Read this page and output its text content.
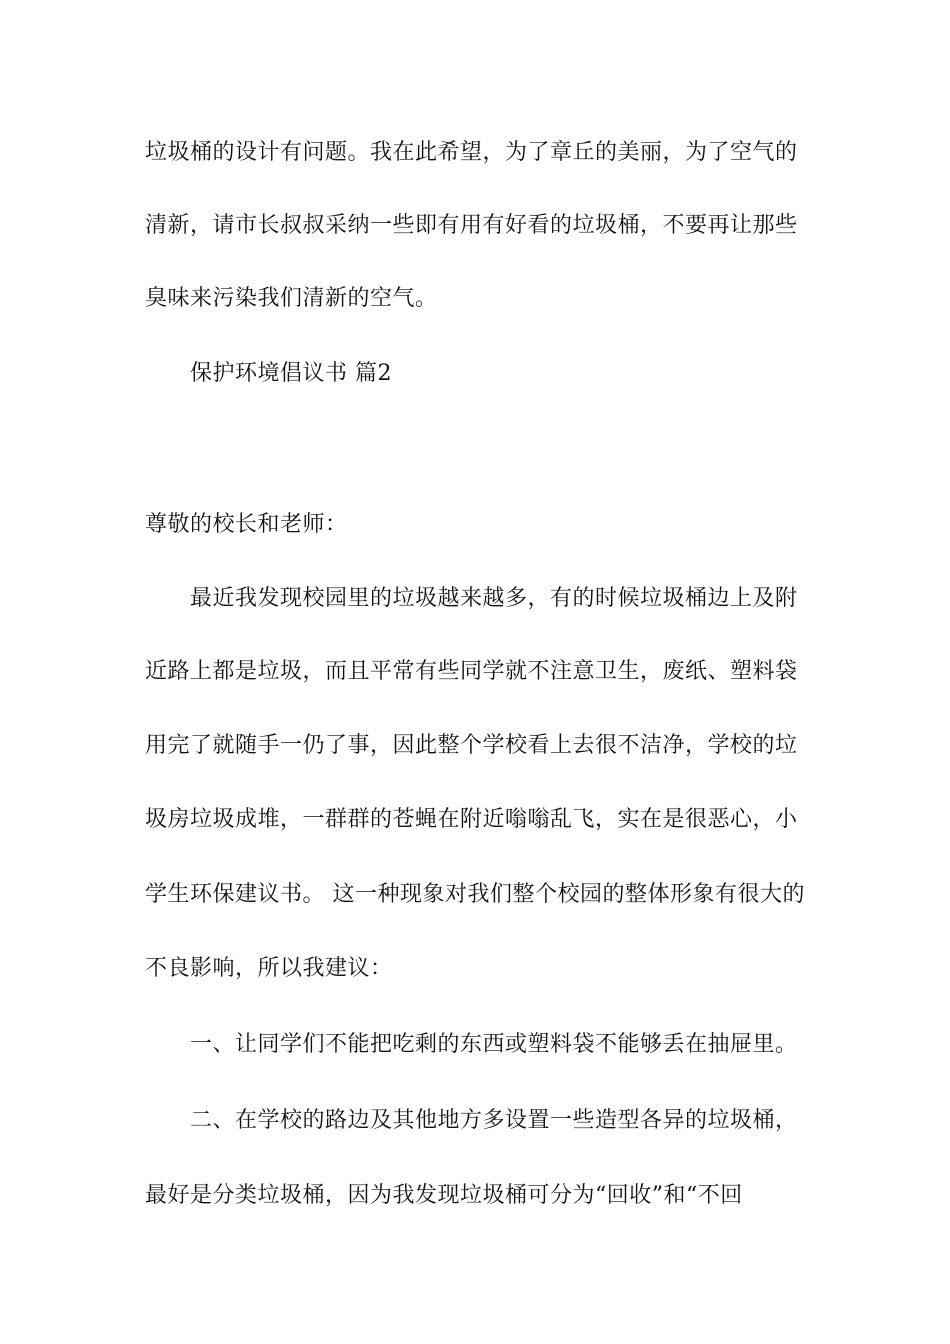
垃圾桶的设计有问题。我在此希望，为了章丘的美丽，为了空气的
清新，请市长叔叔采纳一些即有用有好看的垃圾桶，不要再让那些
臭味来污染我们清新的空气。
保护环境倡议书 篇2
尊敬的校长和老师：
最近我发现校园里的垃圾越来越多，有的时候垃圾桶边上及附
近路上都是垃圾，而且平常有些同学就不注意卫生，废纸、塑料袋
用完了就随手一仍了事，因此整个学校看上去很不洁净，学校的垃
圾房垃圾成堆，一群群的苍蝇在附近嗡嗡乱飞，实在是很恶心，小
学生环保建议书。 这一种现象对我们整个校园的整体形象有很大的
不良影响，所以我建议：
一、让同学们不能把吃剩的东西或塑料袋不能够丢在抽屉里。
二、在学校的路边及其他地方多设置一些造型各异的垃圾桶，
最好是分类垃圾桶，因为我发现垃圾桶可分为“回收”和“不回
